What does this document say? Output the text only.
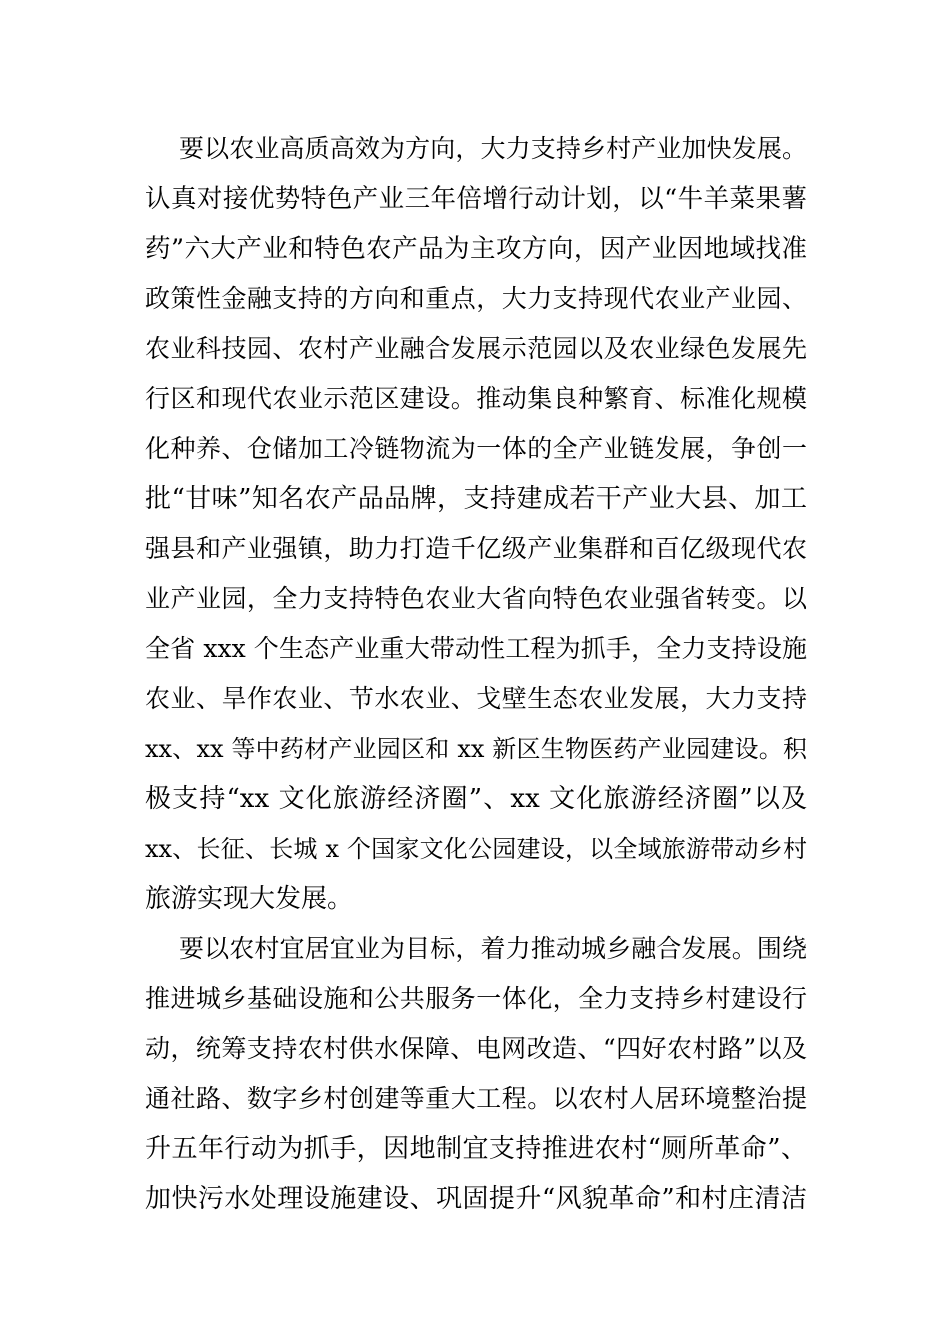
要以农业高质高效为方向，大力支持乡村产业加快发展。
认真对接优势特色产业三年倍增行动计划，以“牛羊菜果薯
药”六大产业和特色农产品为主攻方向，因产业因地域找准
政策性金融支持的方向和重点，大力支持现代农业产业园、
农业科技园、农村产业融合发展示范园以及农业绿色发展先
行区和现代农业示范区建设。推动集良种繁育、标准化规模
化种养、仓储加工冷链物流为一体的全产业链发展，争创一
批“甘味”知名农产品品牌，支持建成若干产业大县、加工
强县和产业强镇，助力打造千亿级产业集群和百亿级现代农
业产业园，全力支持特色农业大省向特色农业强省转变。以
全省 xxx 个生态产业重大带动性工程为抓手，全力支持设施
农业、旱作农业、节水农业、戈壁生态农业发展，大力支持
xx、xx 等中药材产业园区和 xx 新区生物医药产业园建设。积
极支持“xx 文化旅游经济圈”、xx 文化旅游经济圈”以及
xx、长征、长城 x 个国家文化公园建设，以全域旅游带动乡村
旅游实现大发展。

要以农村宜居宜业为目标，着力推动城乡融合发展。围绕
推进城乡基础设施和公共服务一体化，全力支持乡村建设行
动，统筹支持农村供水保障、电网改造、“四好农村路”以及
通社路、数字乡村创建等重大工程。以农村人居环境整治提
升五年行动为抓手，因地制宜支持推进农村“厕所革命”、
加快污水处理设施建设、巩固提升“风貌革命”和村庄清洁
